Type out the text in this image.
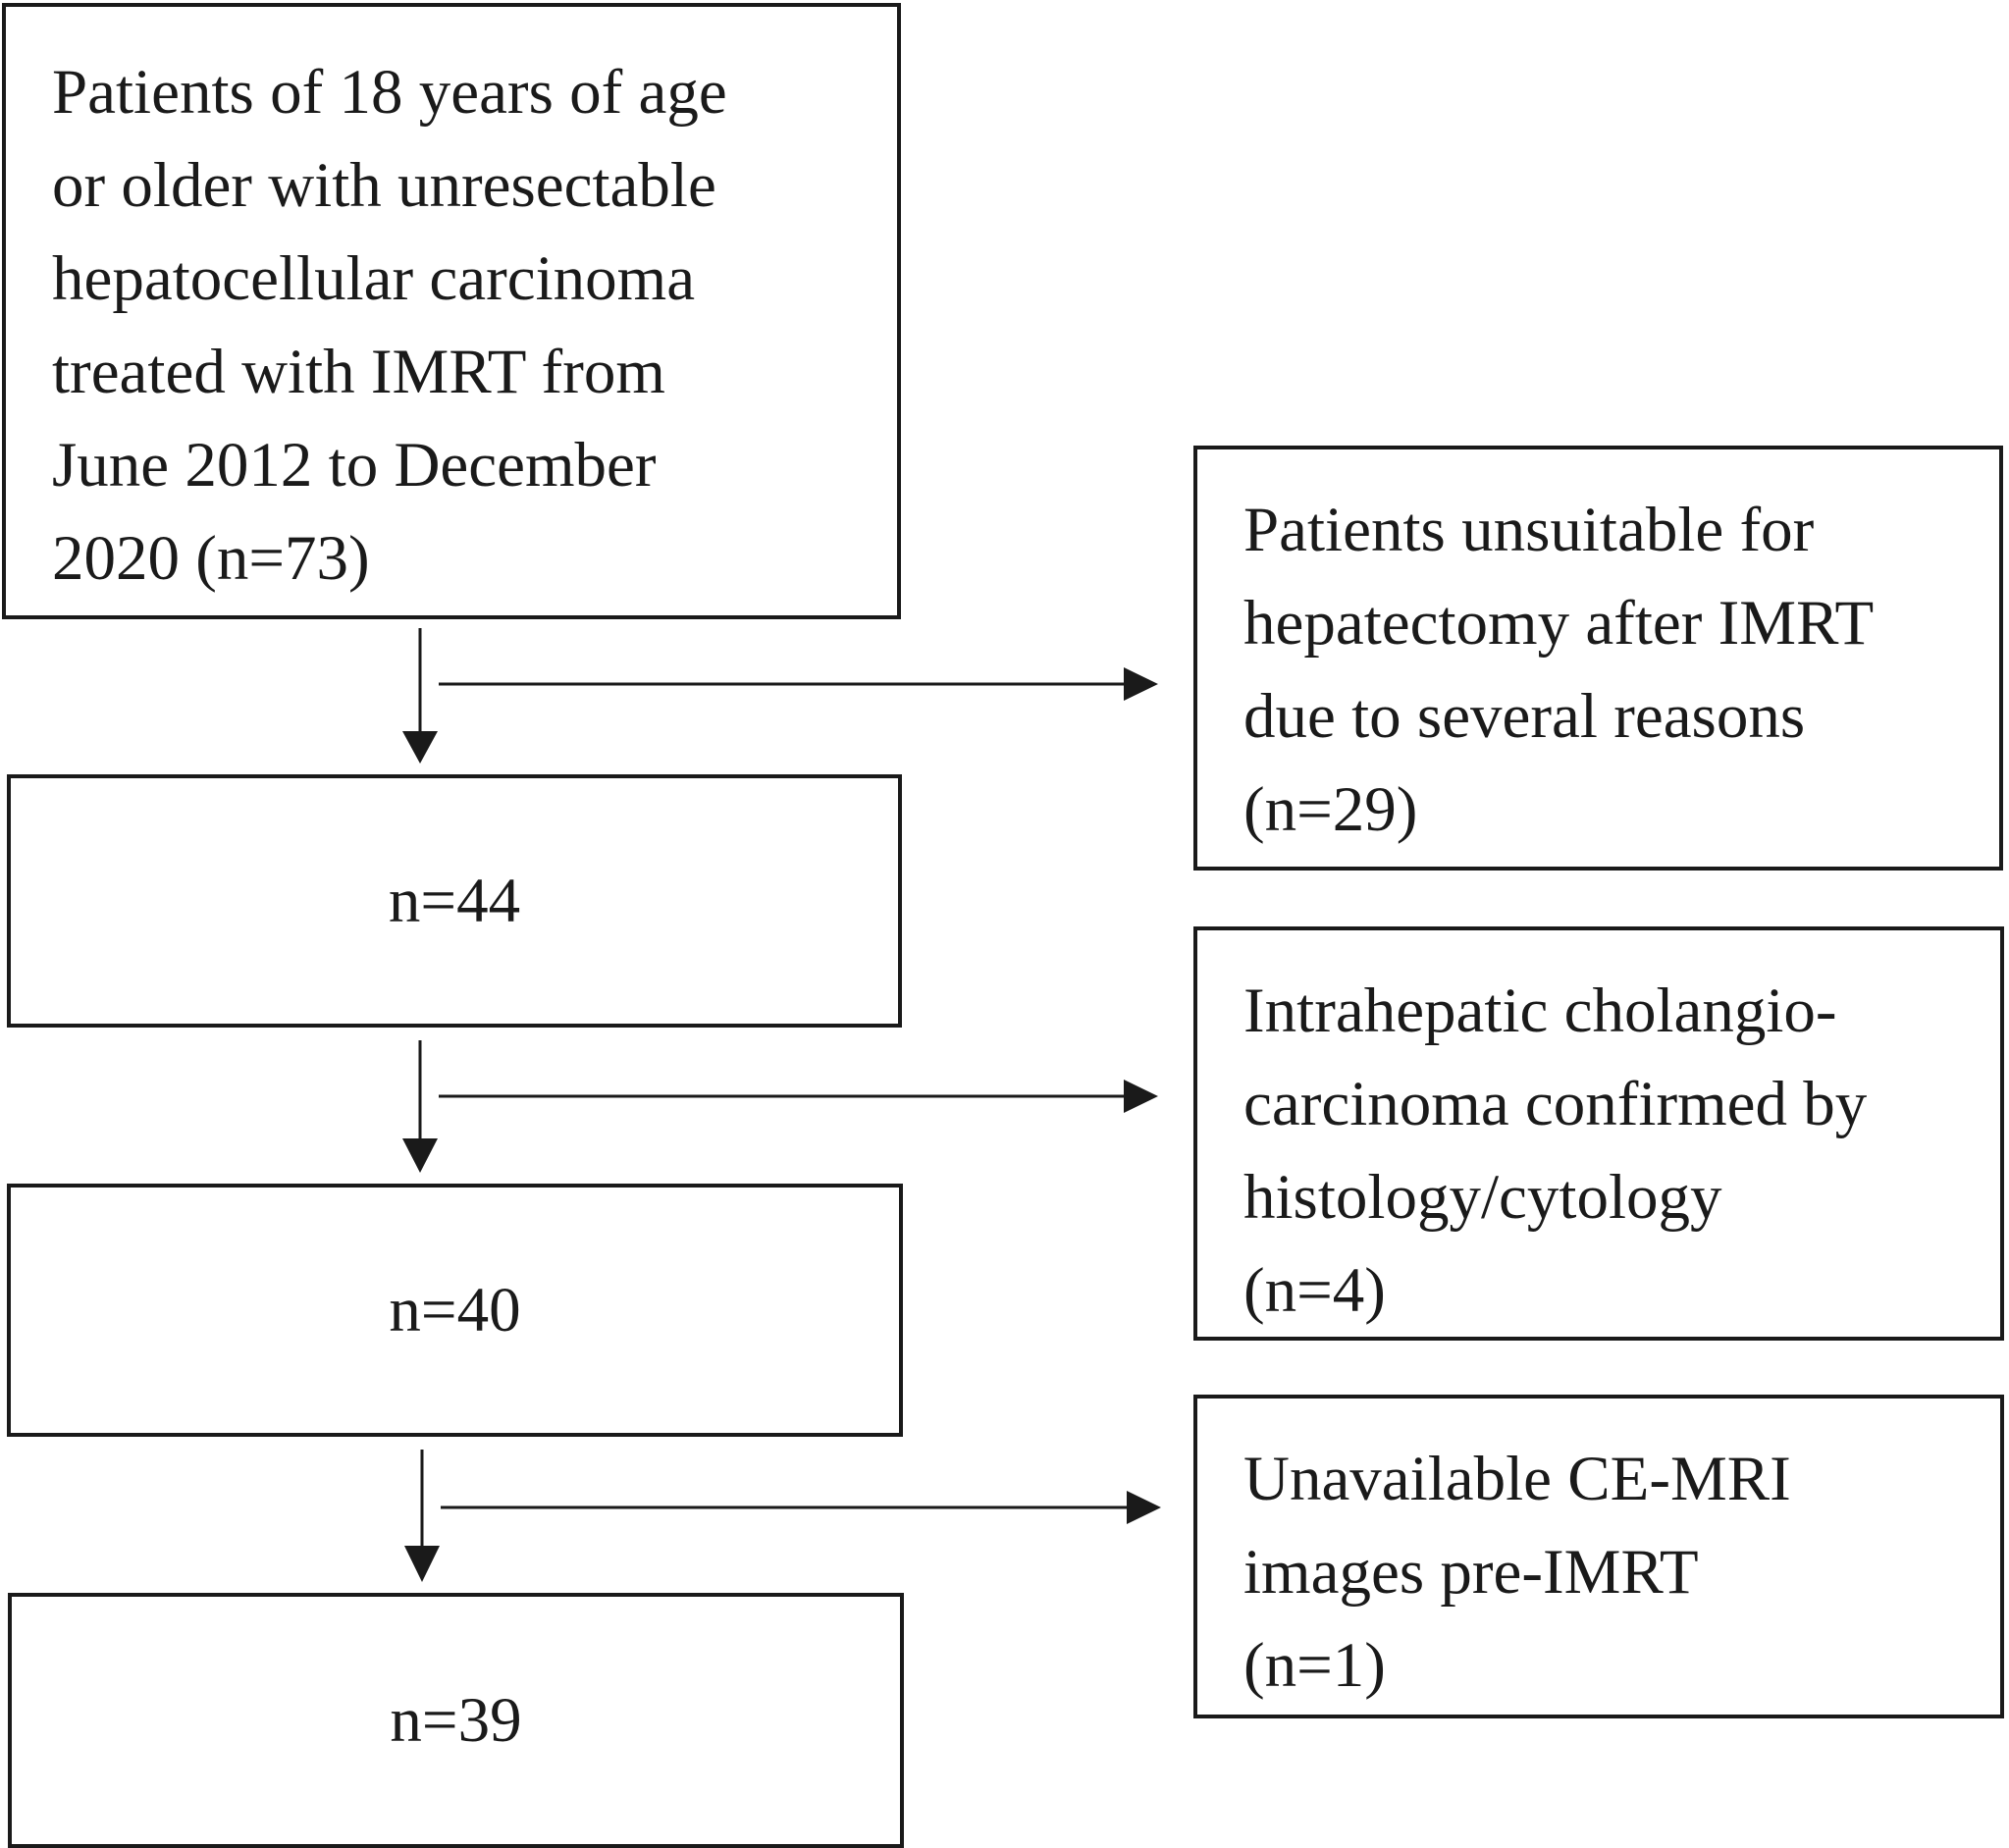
Patients of 18 years of age
or older with unresectable
hepatocellular carcinoma
treated with IMRT from
June 2012 to December
2020 (n=73)
n=44
n=40
n=39
Patients unsuitable for
hepatectomy after IMRT
due to several reasons
(n=29)
Intrahepatic cholangio-
carcinoma confirmed by
histology/cytology
(n=4)
Unavailable CE-MRI
images pre-IMRT
(n=1)
